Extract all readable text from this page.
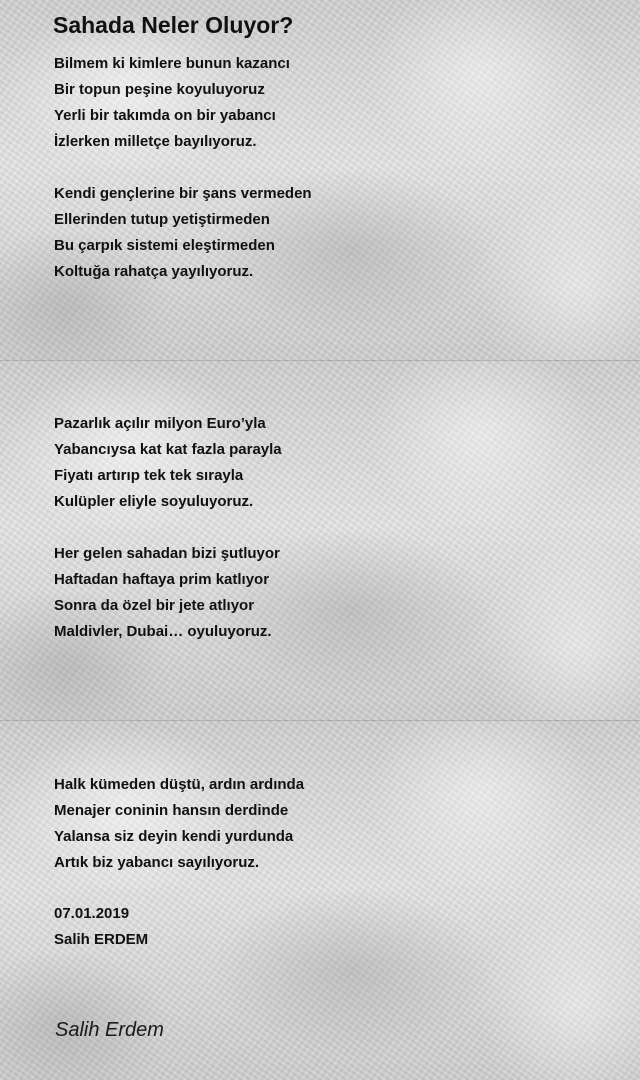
Sahada Neler Oluyor?
Bilmem ki kimlere bunun kazancı
Bir topun peşine koyuluyoruz
Yerli bir takımda on bir yabancı
İzlerken milletçe bayılıyoruz.
Kendi gençlerine bir şans vermeden
Ellerinden tutup yetiştirmeden
Bu çarpık sistemi eleştirmeden
Koltuğa rahatça yayılıyoruz.
Pazarlık açılır milyon Euro’yla
Yabancıysa kat kat fazla parayla
Fiyatı artırıp tek tek sırayla
Kulüpler eliyle soyuluyoruz.
Her gelen sahadan bizi şutluyor
Haftadan haftaya prim katlıyor
Sonra da özel bir jete atlıyor
Maldivler, Dubai… oyuluyoruz.
Halk kümeden düştü, ardın ardında
Menajer coninin hansın derdinde
Yalansa siz deyin kendi yurdunda
Artık biz yabancı sayılıyoruz.
07.01.2019
Salih ERDEM
Salih Erdem
